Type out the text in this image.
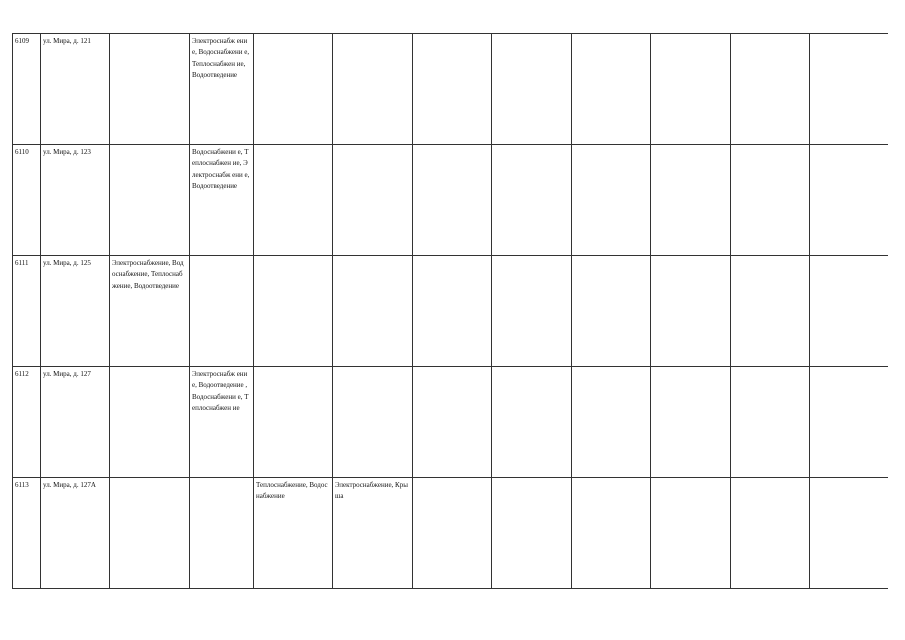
6109	ул. Мира, д. 121		Электроснабж ени е, Водоснабжени е, Теплоснабжен ие, Водоотведение								
6110	ул. Мира, д. 123		Водоснабжени е, Теплоснабжен ие, Электроснабж ени е, Водоотведение								
6111	ул. Мира, д. 125	Электроснабжение, Водоснабжение, Теплоснабжение, Водоотведение									
6112	ул. Мира, д. 127		Электроснабж ени е, Водоотведение , Водоснабжени е, Теплоснабжен ие								
6113	ул. Мира, д. 127А			Теплоснабжение, Водоснабжение	Электроснабжение, Крыша						
